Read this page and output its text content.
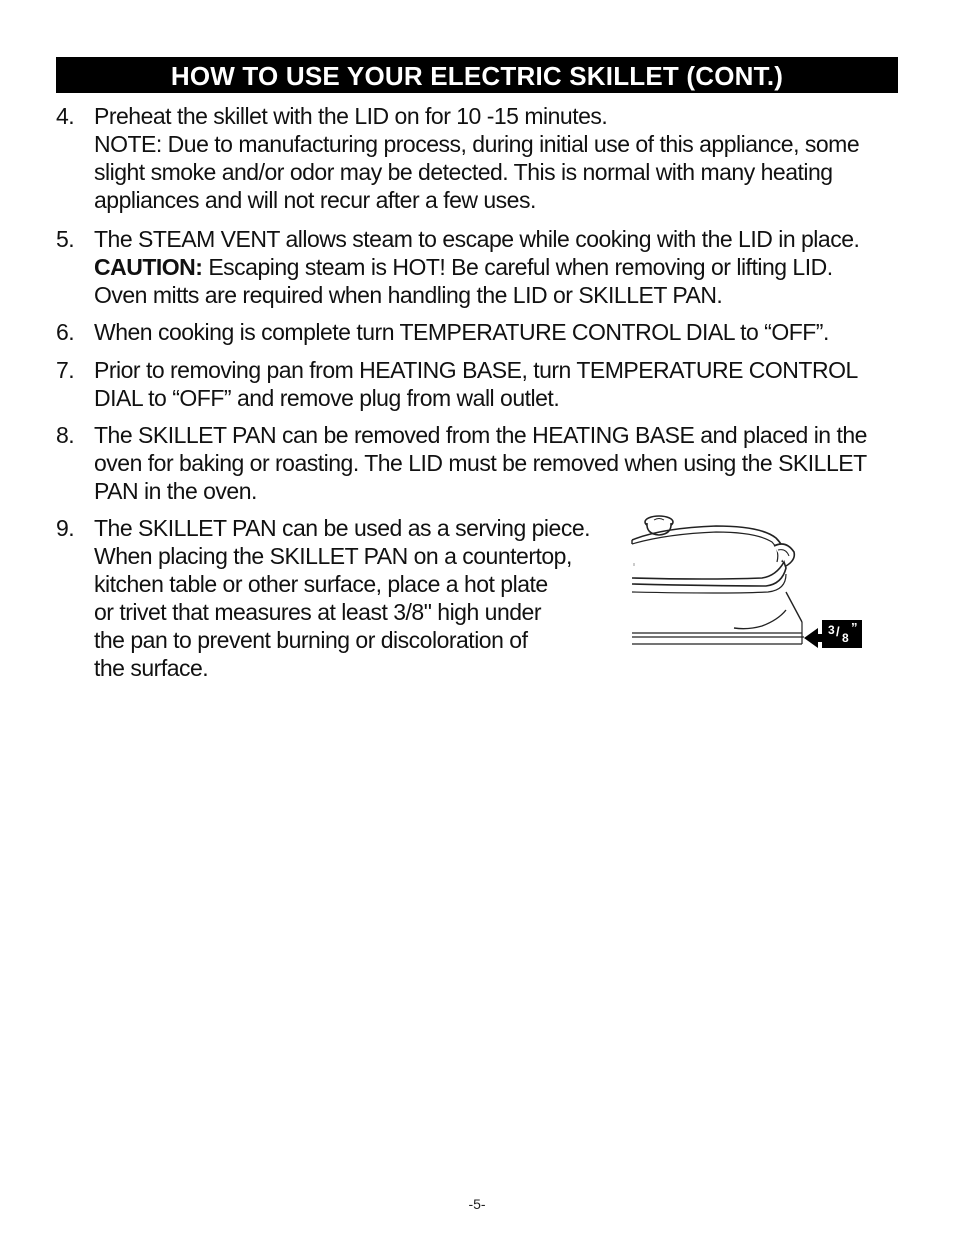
HOW TO USE YOUR ELECTRIC SKILLET (CONT.)
4. Preheat the skillet with the LID on for 10 -15 minutes.
NOTE: Due to manufacturing process, during initial use of this appliance, some
slight smoke and/or odor may be detected. This is normal with many heating
appliances and will not recur after a few uses.
5. The STEAM VENT allows steam to escape while cooking with the LID in place.
CAUTION: Escaping steam is HOT! Be careful when removing or lifting LID.
Oven mitts are required when handling the LID or SKILLET PAN.
6. When cooking is complete turn TEMPERATURE CONTROL DIAL to “OFF”.
7. Prior to removing pan from HEATING BASE, turn TEMPERATURE CONTROL
DIAL to “OFF” and remove plug from wall outlet.
8. The SKILLET PAN can be removed from the HEATING BASE and placed in the
oven for baking or roasting. The LID must be removed when using the SKILLET
PAN in the oven.
9. The SKILLET PAN can be used as a serving piece.
When placing the SKILLET PAN on a countertop,
kitchen table or other surface, place a hot plate
or trivet that measures at least 3/8" high under
the pan to prevent burning or discoloration of
the surface.
3 / 8
”
-5-
